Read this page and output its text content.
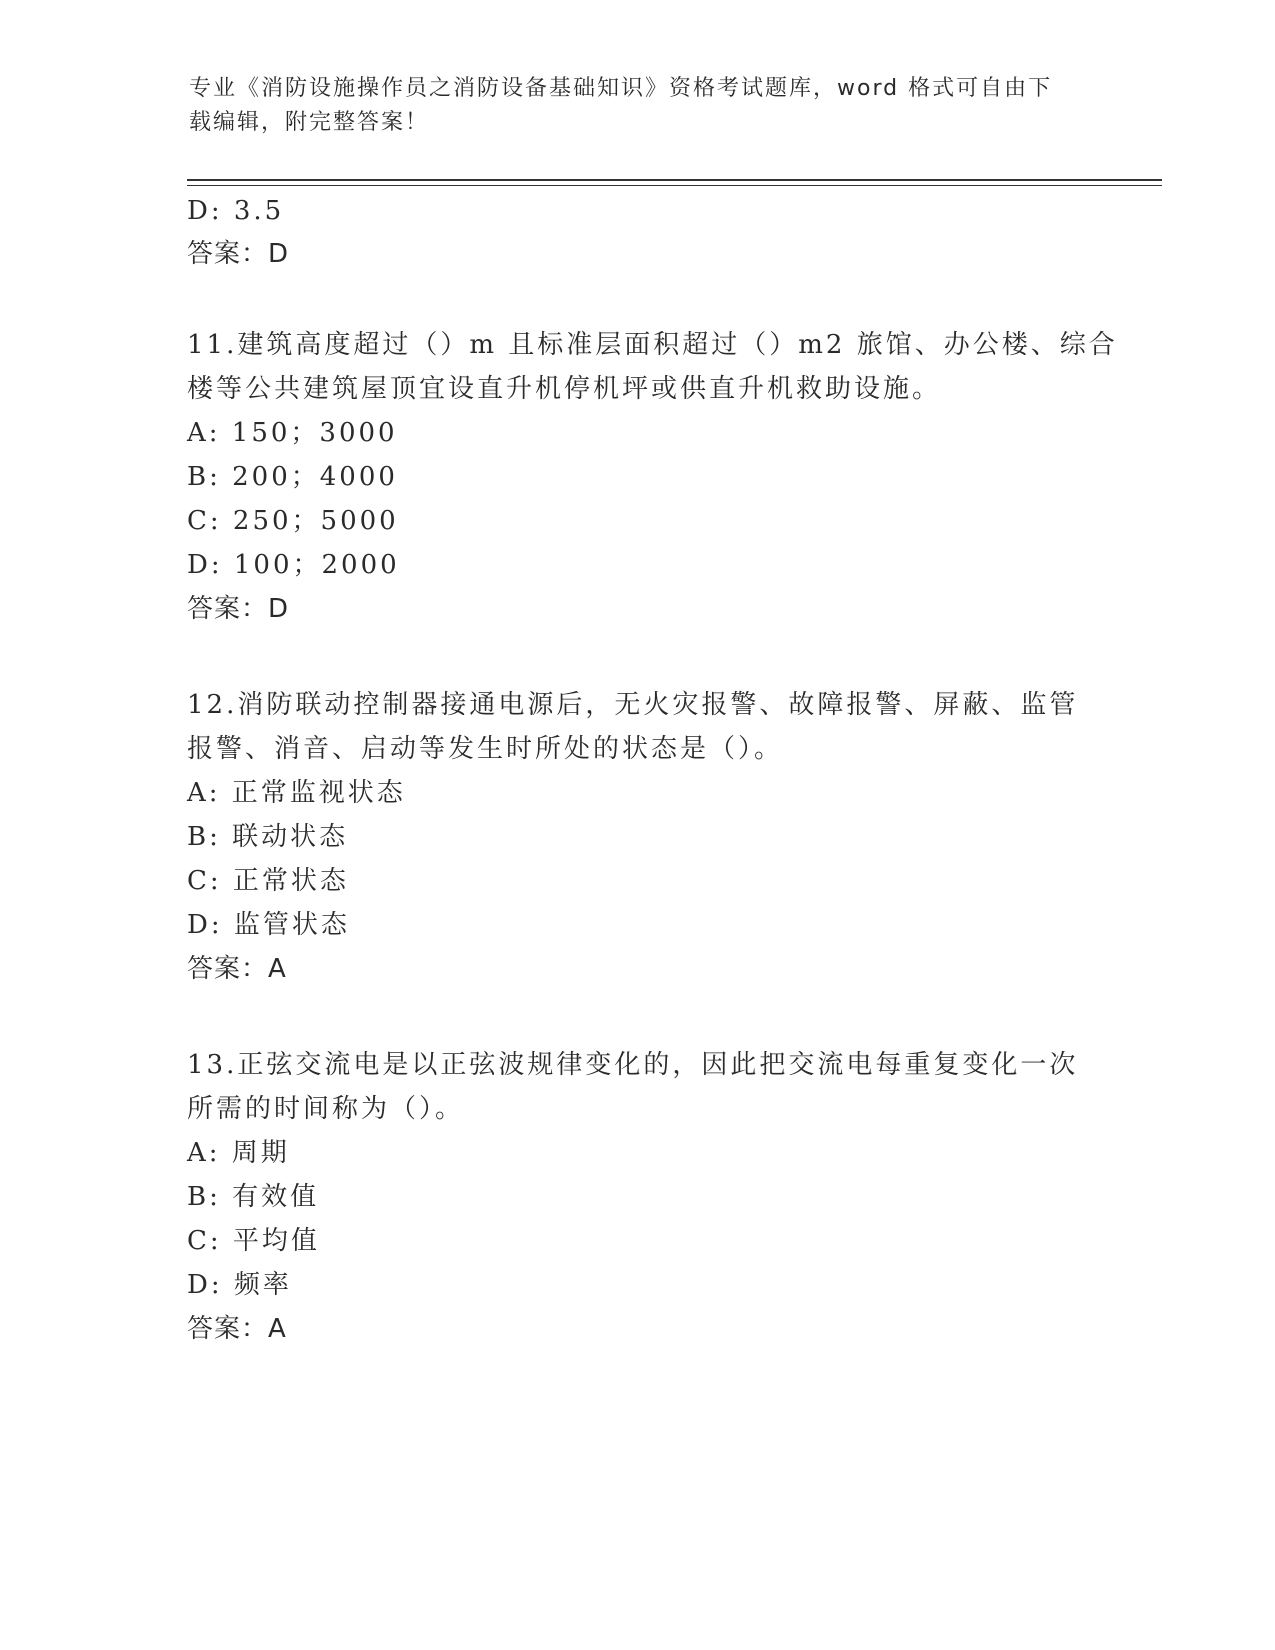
专业《消防设施操作员之消防设备基础知识》资格考试题库，word 格式可自由下
载编辑，附完整答案！
D: 3.5
答案：D
11.建筑高度超过（）m 且标准层面积超过（）m2 旅馆、办公楼、综合
楼等公共建筑屋顶宜设直升机停机坪或供直升机救助设施。
A: 150；3000
B: 200；4000
C: 250；5000
D: 100；2000
答案：D
12.消防联动控制器接通电源后，无火灾报警、故障报警、屏蔽、监管
报警、消音、启动等发生时所处的状态是（）。
A: 正常监视状态
B: 联动状态
C: 正常状态
D: 监管状态
答案：A
13.正弦交流电是以正弦波规律变化的，因此把交流电每重复变化一次
所需的时间称为（）。
A: 周期
B: 有效值
C: 平均值
D: 频率
答案：A
